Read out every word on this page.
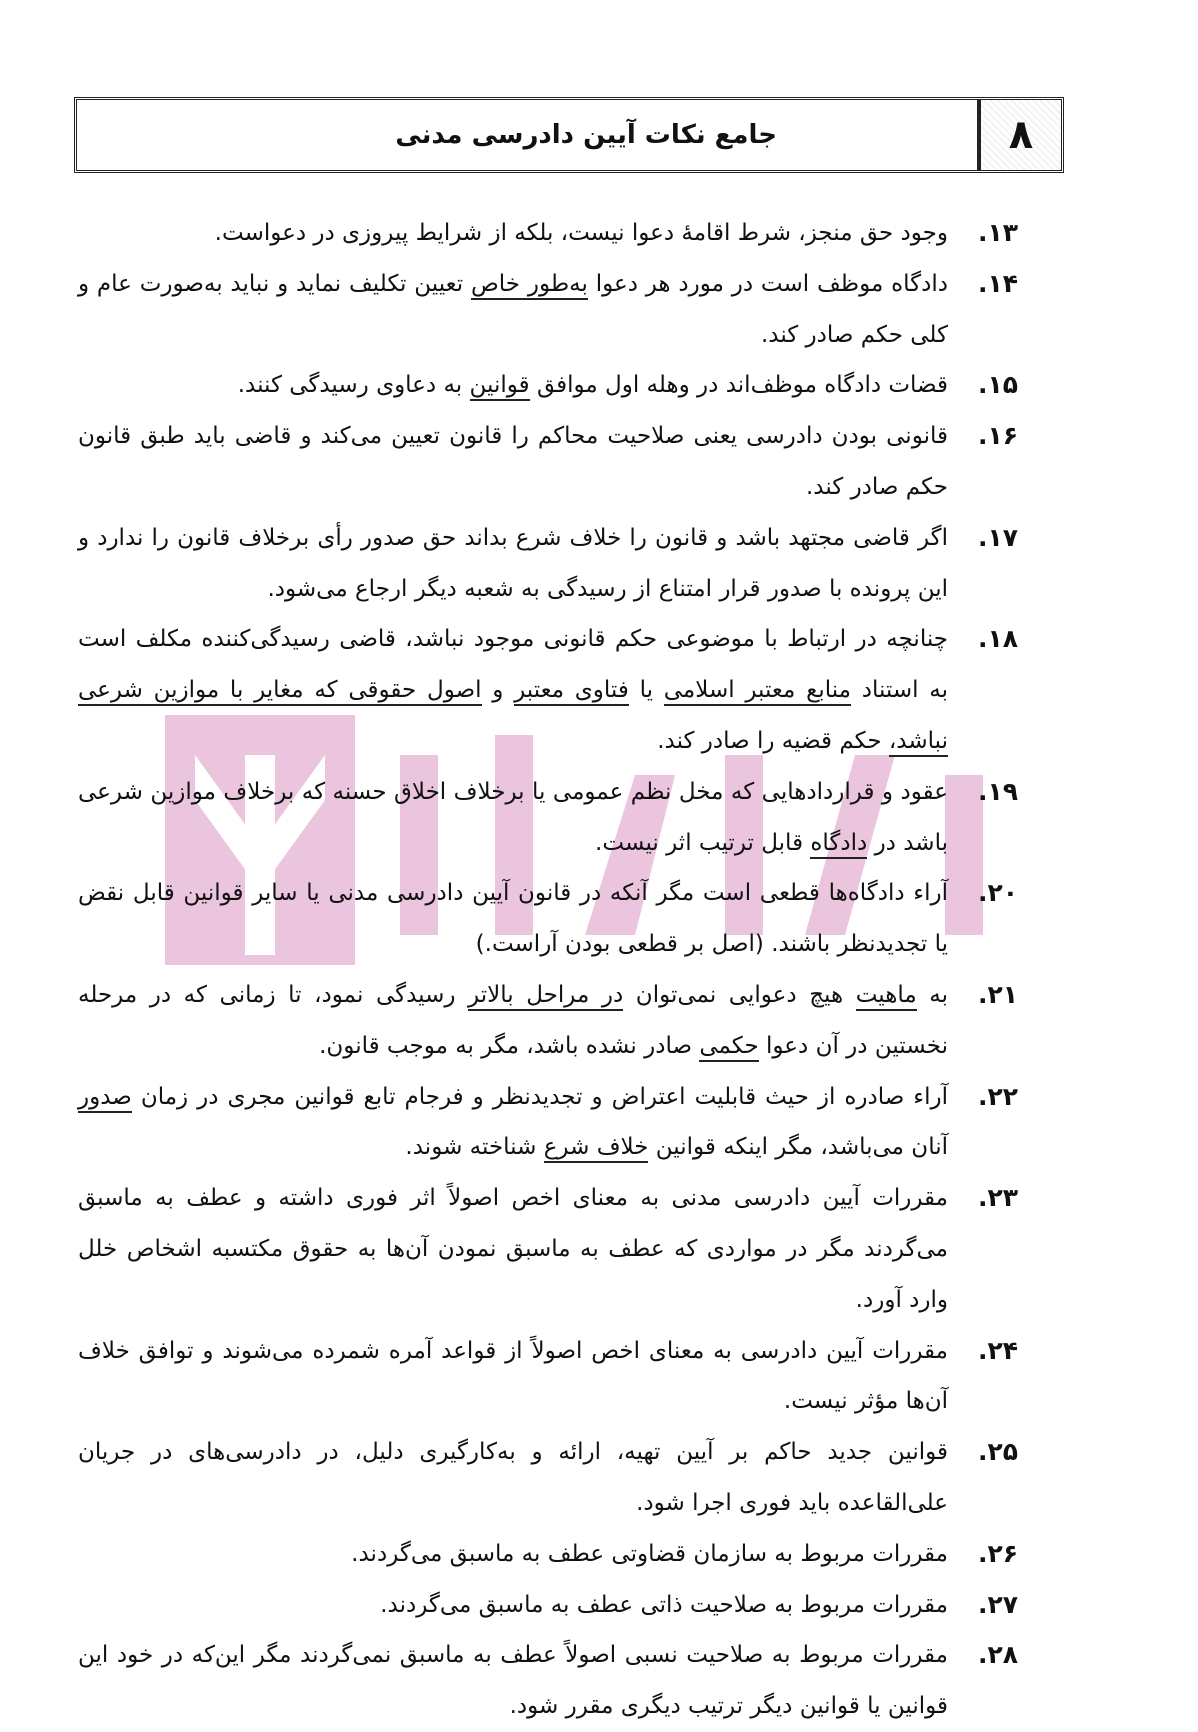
۸
جامع نکات آیین دادرسی مدنی
۱۳.
وجود حق منجز، شرط اقامهٔ دعوا نیست، بلکه از شرایط پیروزی در دعواست.
۱۴.
دادگاه موظف است در مورد هر دعوا به‌طور خاص تعیین تکلیف نماید و نباید به‌صورت عام و کلی حکم صادر کند.
۱۵.
قضات دادگاه موظف‌اند در وهله اول موافق قوانین به دعاوی رسیدگی کنند.
۱۶.
قانونی بودن دادرسی یعنی صلاحیت محاکم را قانون تعیین می‌کند و قاضی باید طبق قانون حکم صادر کند.
۱۷.
اگر قاضی مجتهد باشد و قانون را خلاف شرع بداند حق صدور رأی برخلاف قانون را ندارد و این پرونده با صدور قرار امتناع از رسیدگی به شعبه دیگر ارجاع می‌شود.
۱۸.
چنانچه در ارتباط با موضوعی حکم قانونی موجود نباشد، قاضی رسیدگی‌کننده مکلف است به استناد منابع معتبر اسلامی یا فتاوی معتبر و اصول حقوقی که مغایر با موازین شرعی نباشد، حکم قضیه را صادر کند.
۱۹.
عقود و قراردادهایی که مخل نظم عمومی یا برخلاف اخلاق حسنه که برخلاف موازین شرعی باشد در دادگاه قابل ترتیب اثر نیست.
۲۰.
آراء دادگاه‌ها قطعی است مگر آنکه در قانون آیین دادرسی مدنی یا سایر قوانین قابل نقض یا تجدیدنظر باشند. (اصل بر قطعی بودن آراست.)
۲۱.
به ماهیت هیچ دعوایی نمی‌توان در مراحل بالاتر رسیدگی نمود، تا زمانی که در مرحله نخستین در آن دعوا حکمی صادر نشده باشد، مگر به موجب قانون.
۲۲.
آراء صادره از حیث قابلیت اعتراض و تجدیدنظر و فرجام تابع قوانین مجری در زمان صدور آنان می‌باشد، مگر اینکه قوانین خلاف شرع شناخته شوند.
۲۳.
مقررات آیین دادرسی مدنی به معنای اخص اصولاً اثر فوری داشته و عطف به ماسبق می‌گردند مگر در مواردی که عطف به ماسبق نمودن آن‌ها به حقوق مکتسبه اشخاص خلل وارد آورد.
۲۴.
مقررات آیین دادرسی به معنای اخص اصولاً از قواعد آمره شمرده می‌شوند و توافق خلاف آن‌ها مؤثر نیست.
۲۵.
قوانین جدید حاکم بر آیین تهیه، ارائه و به‌کارگیری دلیل، در دادرسی‌های در جریان علی‌القاعده باید فوری اجرا شود.
۲۶.
مقررات مربوط به سازمان قضاوتی عطف به ماسبق می‌گردند.
۲۷.
مقررات مربوط به صلاحیت ذاتی عطف به ماسبق می‌گردند.
۲۸.
مقررات مربوط به صلاحیت نسبی اصولاً عطف به ماسبق نمی‌گردند مگر این‌که در خود این قوانین یا قوانین دیگر ترتیب دیگری مقرر شود.
